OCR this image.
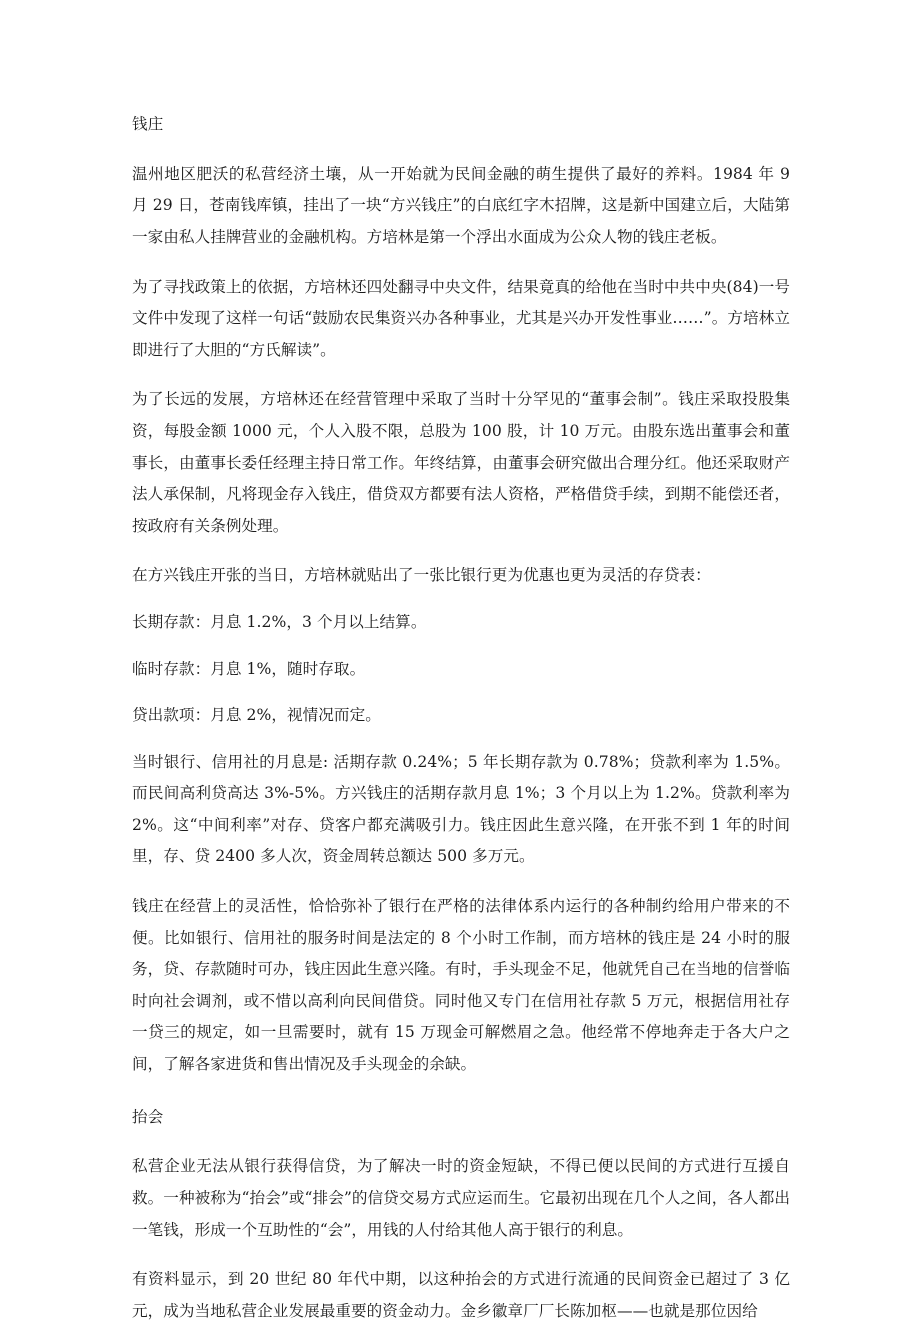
钱庄

温州地区肥沃的私营经济土壤，从一开始就为民间金融的萌生提供了最好的养料。1984 年 9 月 29 日，苍南钱库镇，挂出了一块“方兴钱庄”的白底红字木招牌，这是新中国建立后，大陆第一家由私人挂牌营业的金融机构。方培林是第一个浮出水面成为公众人物的钱庄老板。

为了寻找政策上的依据，方培林还四处翻寻中央文件，结果竟真的给他在当时中共中央(84)一号文件中发现了这样一句话“鼓励农民集资兴办各种事业，尤其是兴办开发性事业……”。方培林立即进行了大胆的“方氏解读”。

为了长远的发展，方培林还在经营管理中采取了当时十分罕见的“董事会制”。钱庄采取投股集资，每股金额 1000 元，个人入股不限，总股为 100 股，计 10 万元。由股东选出董事会和董事长，由董事长委任经理主持日常工作。年终结算，由董事会研究做出合理分红。他还采取财产法人承保制，凡将现金存入钱庄，借贷双方都要有法人资格，严格借贷手续，到期不能偿还者，按政府有关条例处理。

在方兴钱庄开张的当日，方培林就贴出了一张比银行更为优惠也更为灵活的存贷表：

长期存款：月息 1.2%，3 个月以上结算。

临时存款：月息 1%，随时存取。

贷出款项：月息 2%，视情况而定。

当时银行、信用社的月息是: 活期存款 0.24%；5 年长期存款为 0.78%；贷款利率为 1.5%。而民间高利贷高达 3%-5%。方兴钱庄的活期存款月息 1%；3 个月以上为 1.2%。贷款利率为 2%。这“中间利率”对存、贷客户都充满吸引力。钱庄因此生意兴隆，在开张不到 1 年的时间里，存、贷 2400 多人次，资金周转总额达 500 多万元。

钱庄在经营上的灵活性，恰恰弥补了银行在严格的法律体系内运行的各种制约给用户带来的不便。比如银行、信用社的服务时间是法定的 8 个小时工作制，而方培林的钱庄是 24 小时的服务，贷、存款随时可办，钱庄因此生意兴隆。有时，手头现金不足，他就凭自己在当地的信誉临时向社会调剂，或不惜以高利向民间借贷。同时他又专门在信用社存款 5 万元，根据信用社存一贷三的规定，如一旦需要时，就有 15 万现金可解燃眉之急。他经常不停地奔走于各大户之间，了解各家进货和售出情况及手头现金的余缺。

抬会

私营企业无法从银行获得信贷，为了解决一时的资金短缺，不得已便以民间的方式进行互援自救。一种被称为“抬会”或“排会”的信贷交易方式应运而生。它最初出现在几个人之间，各人都出一笔钱，形成一个互助性的“会”，用钱的人付给其他人高于银行的利息。

有资料显示，到 20 世纪 80 年代中期，以这种抬会的方式进行流通的民间资金已超过了 3 亿元，成为当地私营企业发展最重要的资金动力。金乡徽章厂厂长陈加枢——也就是那位因给
